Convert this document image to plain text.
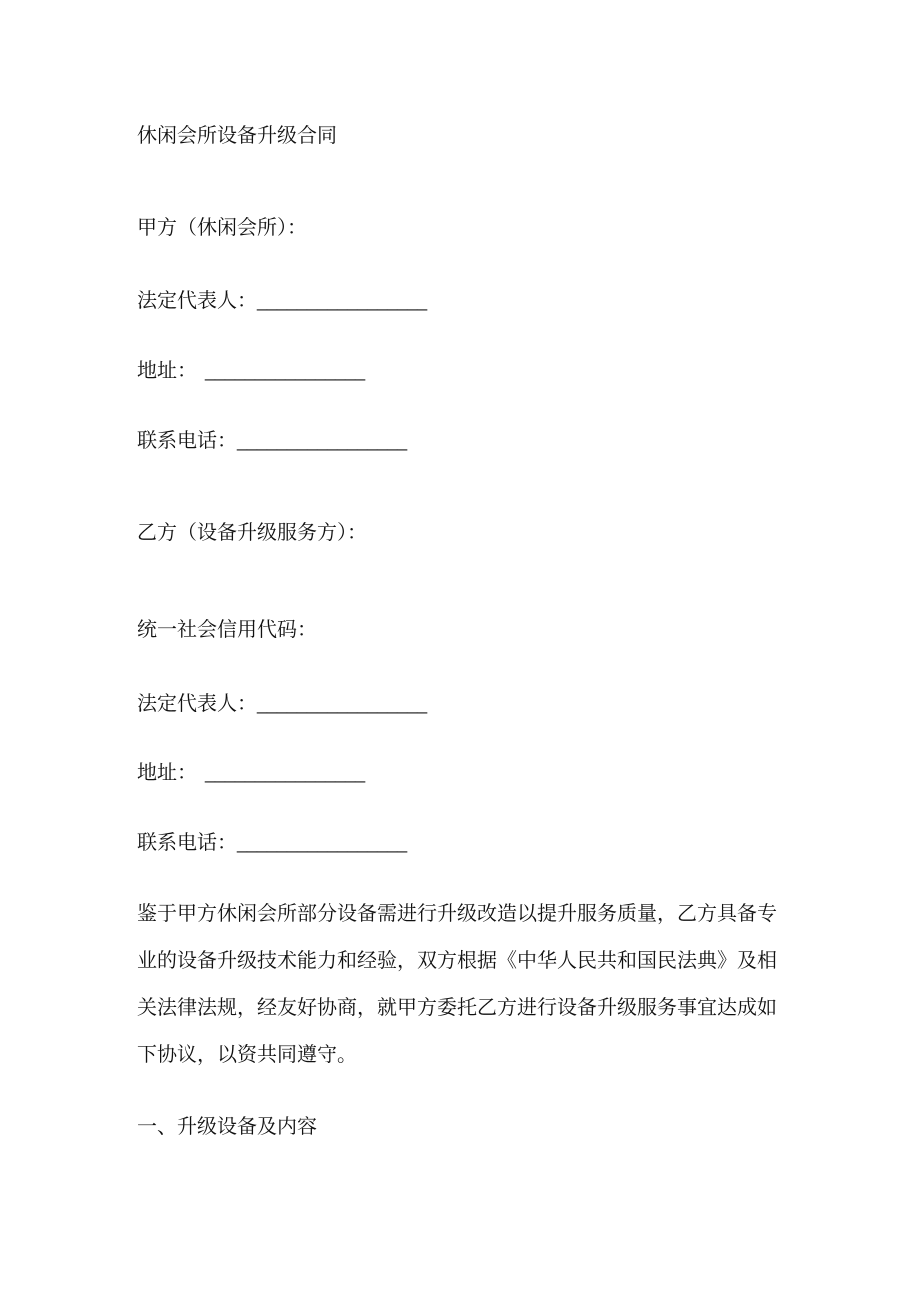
休闲会所设备升级合同
甲方（休闲会所）：
法定代表人：_________________
地址： ________________
联系电话：_________________
乙方（设备升级服务方）：
统一社会信用代码：
法定代表人：_________________
地址： ________________
联系电话：_________________
鉴于甲方休闲会所部分设备需进行升级改造以提升服务质量，乙方具备专
业的设备升级技术能力和经验，双方根据《中华人民共和国民法典》及相
关法律法规，经友好协商，就甲方委托乙方进行设备升级服务事宜达成如
下协议，以资共同遵守。
一、升级设备及内容
